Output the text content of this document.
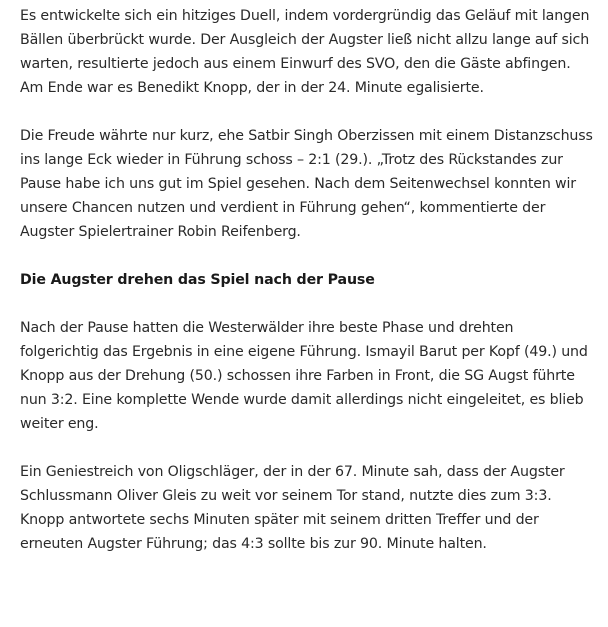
Es entwickelte sich ein hitziges Duell, indem vordergründig das Geläuf mit langen Bällen überbrückt wurde. Der Ausgleich der Augster ließ nicht allzu lange auf sich warten, resultierte jedoch aus einem Einwurf des SVO, den die Gäste abfingen. Am Ende war es Benedikt Knopp, der in der 24. Minute egalisierte.

Die Freude währte nur kurz, ehe Satbir Singh Oberzissen mit einem Distanzschuss ins lange Eck wieder in Führung schoss – 2:1 (29.). „Trotz des Rückstandes zur Pause habe ich uns gut im Spiel gesehen. Nach dem Seitenwechsel konnten wir unsere Chancen nutzen und verdient in Führung gehen“, kommentierte der Augster Spielertrainer Robin Reifenberg.

Die Augster drehen das Spiel nach der Pause

Nach der Pause hatten die Westerwälder ihre beste Phase und drehten folgerichtig das Ergebnis in eine eigene Führung. Ismayil Barut per Kopf (49.) und Knopp aus der Drehung (50.) schossen ihre Farben in Front, die SG Augst führte nun 3:2. Eine komplette Wende wurde damit allerdings nicht eingeleitet, es blieb weiter eng.

Ein Geniestreich von Oligschläger, der in der 67. Minute sah, dass der Augster Schlussmann Oliver Gleis zu weit vor seinem Tor stand, nutzte dies zum 3:3. Knopp antwortete sechs Minuten später mit seinem dritten Treffer und der erneuten Augster Führung; das 4:3 sollte bis zur 90. Minute halten.
